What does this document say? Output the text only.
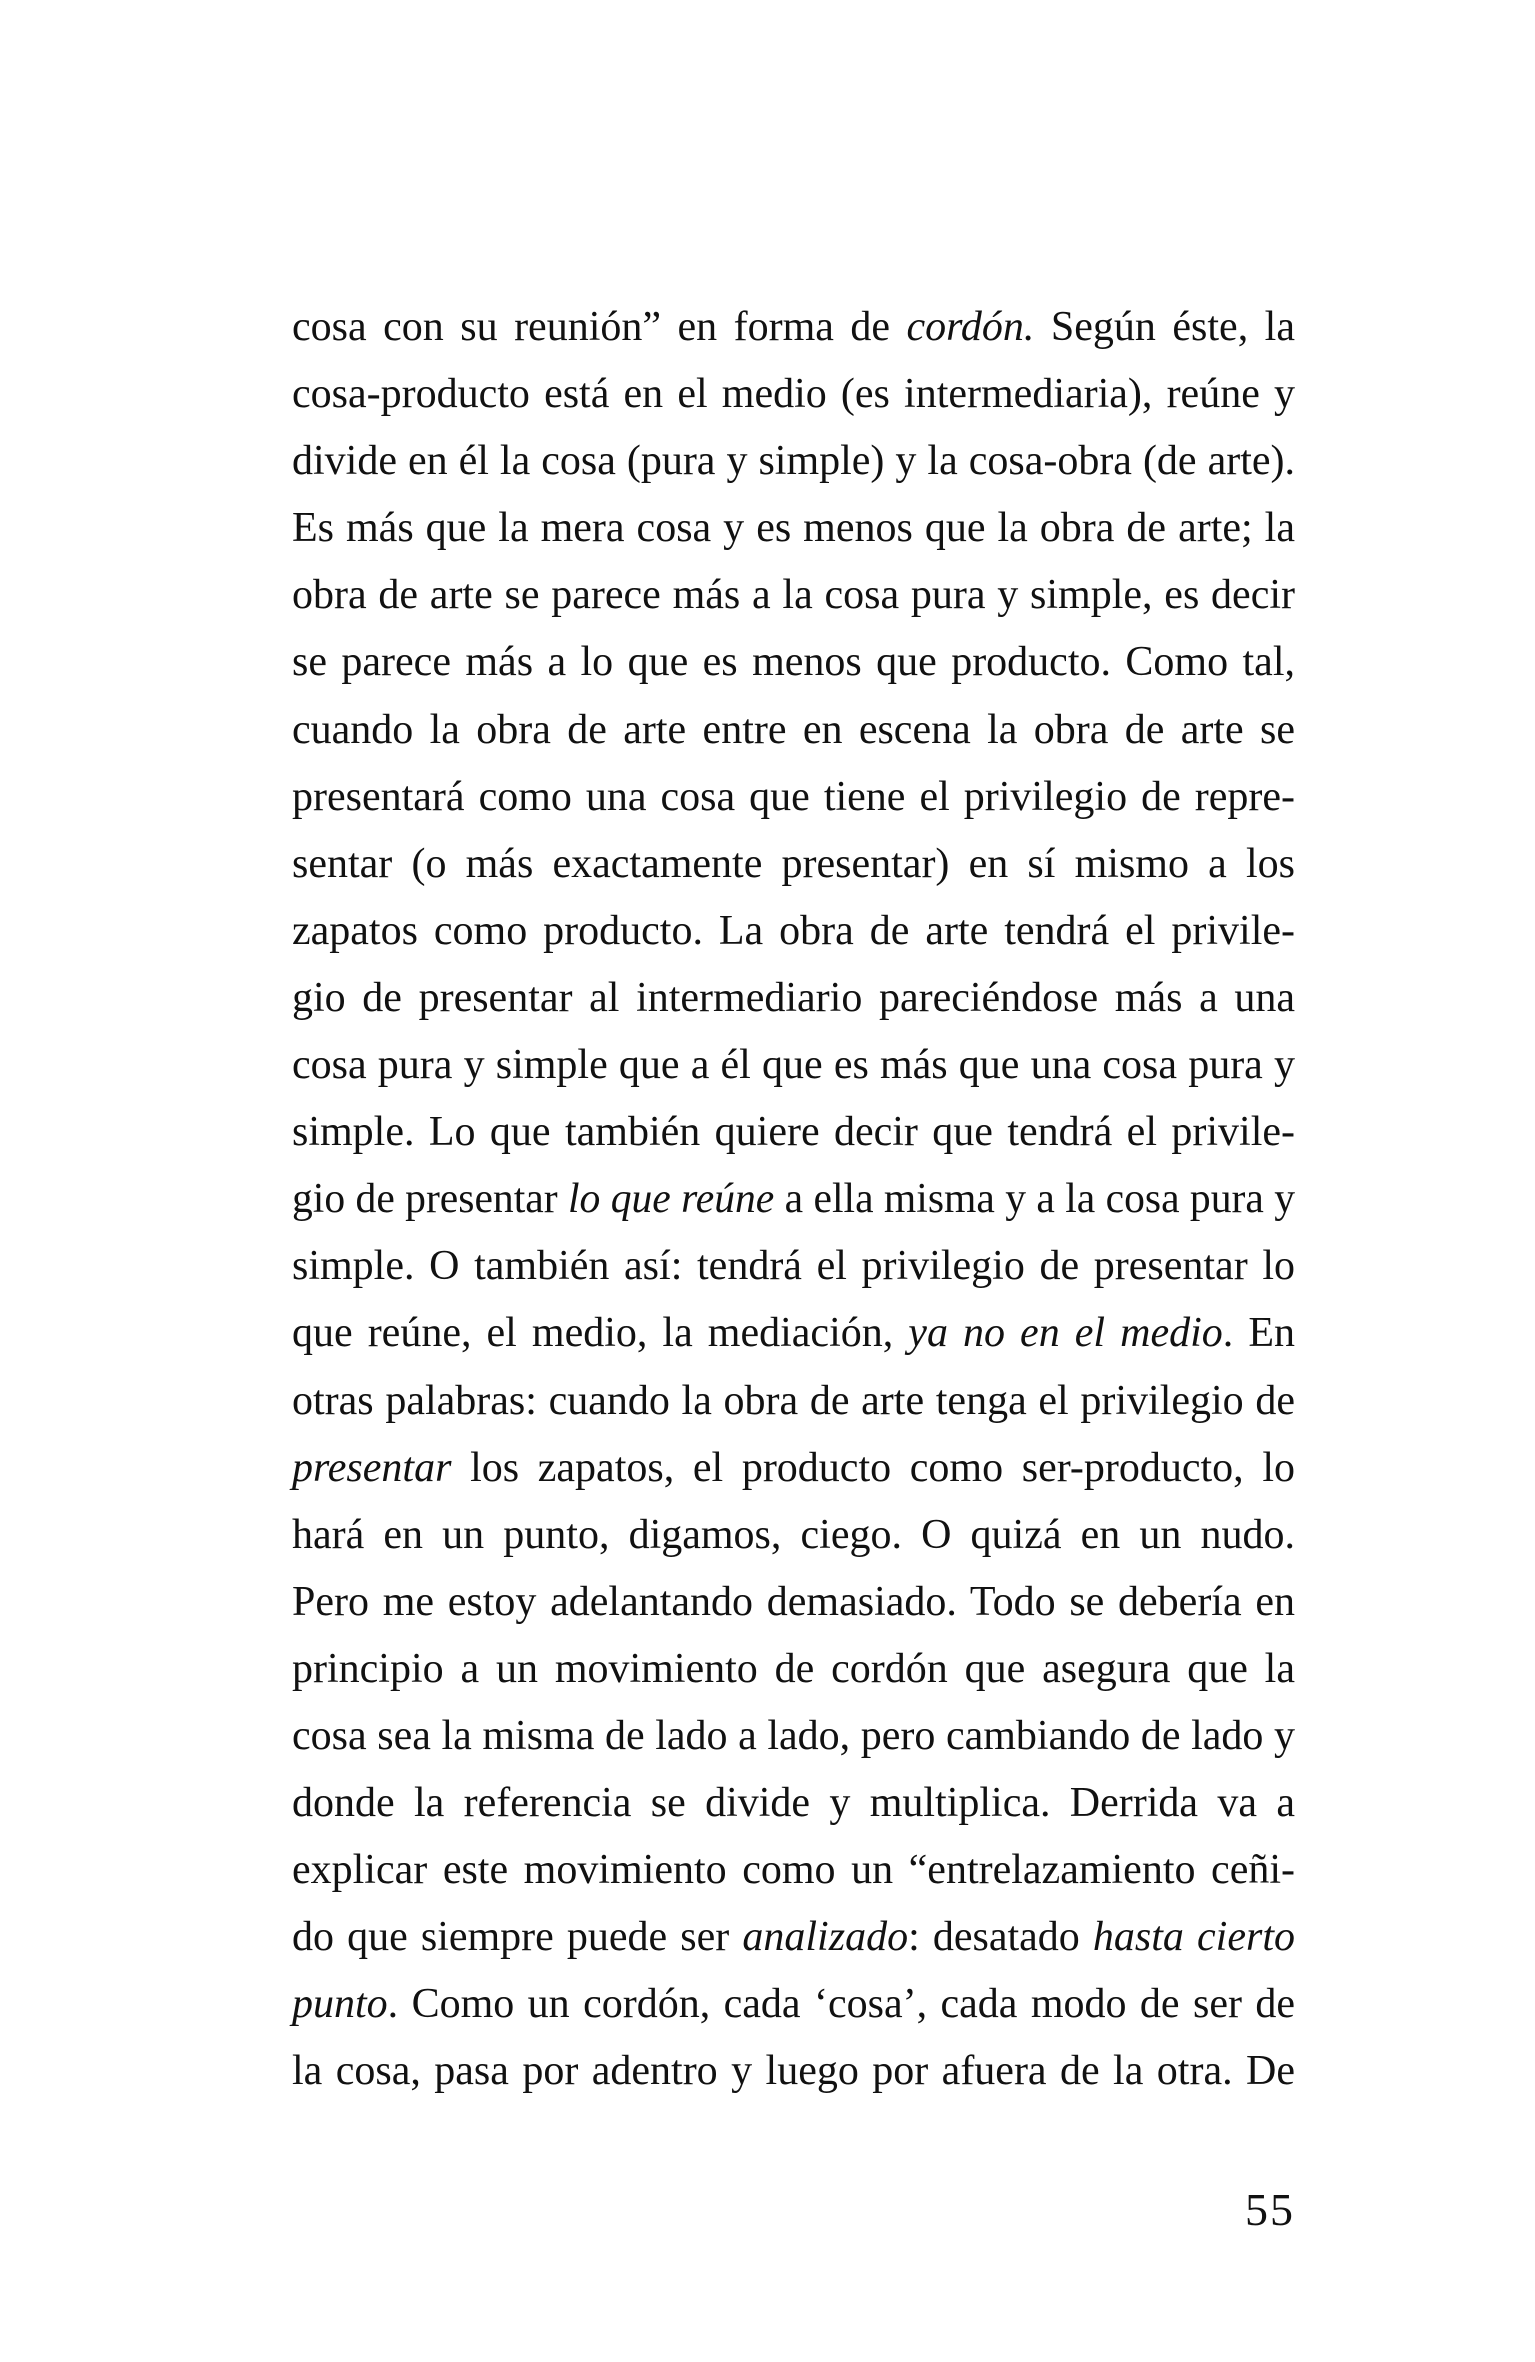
cosa con su reunión” en forma de cordón. Según éste, la
cosa-producto está en el medio (es intermediaria), reúne y
divide en él la cosa (pura y simple) y la cosa-obra (de arte).
Es más que la mera cosa y es menos que la obra de arte; la
obra de arte se parece más a la cosa pura y simple, es decir
se parece más a lo que es menos que producto. Como tal,
cuando la obra de arte entre en escena la obra de arte se
presentará como una cosa que tiene el privilegio de repre-
sentar (o más exactamente presentar) en sí mismo a los
zapatos como producto. La obra de arte tendrá el privile-
gio de presentar al intermediario pareciéndose más a una
cosa pura y simple que a él que es más que una cosa pura y
simple. Lo que también quiere decir que tendrá el privile-
gio de presentar lo que reúne a ella misma y a la cosa pura y
simple. O también así: tendrá el privilegio de presentar lo
que reúne, el medio, la mediación, ya no en el medio. En
otras palabras: cuando la obra de arte tenga el privilegio de
presentar los zapatos, el producto como ser-producto, lo
hará en un punto, digamos, ciego. O quizá en un nudo.
Pero me estoy adelantando demasiado. Todo se debería en
principio a un movimiento de cordón que asegura que la
cosa sea la misma de lado a lado, pero cambiando de lado y
donde la referencia se divide y multiplica. Derrida va a
explicar este movimiento como un “entrelazamiento ceñi-
do que siempre puede ser analizado: desatado hasta cierto
punto. Como un cordón, cada ‘cosa’, cada modo de ser de
la cosa, pasa por adentro y luego por afuera de la otra. De
55
